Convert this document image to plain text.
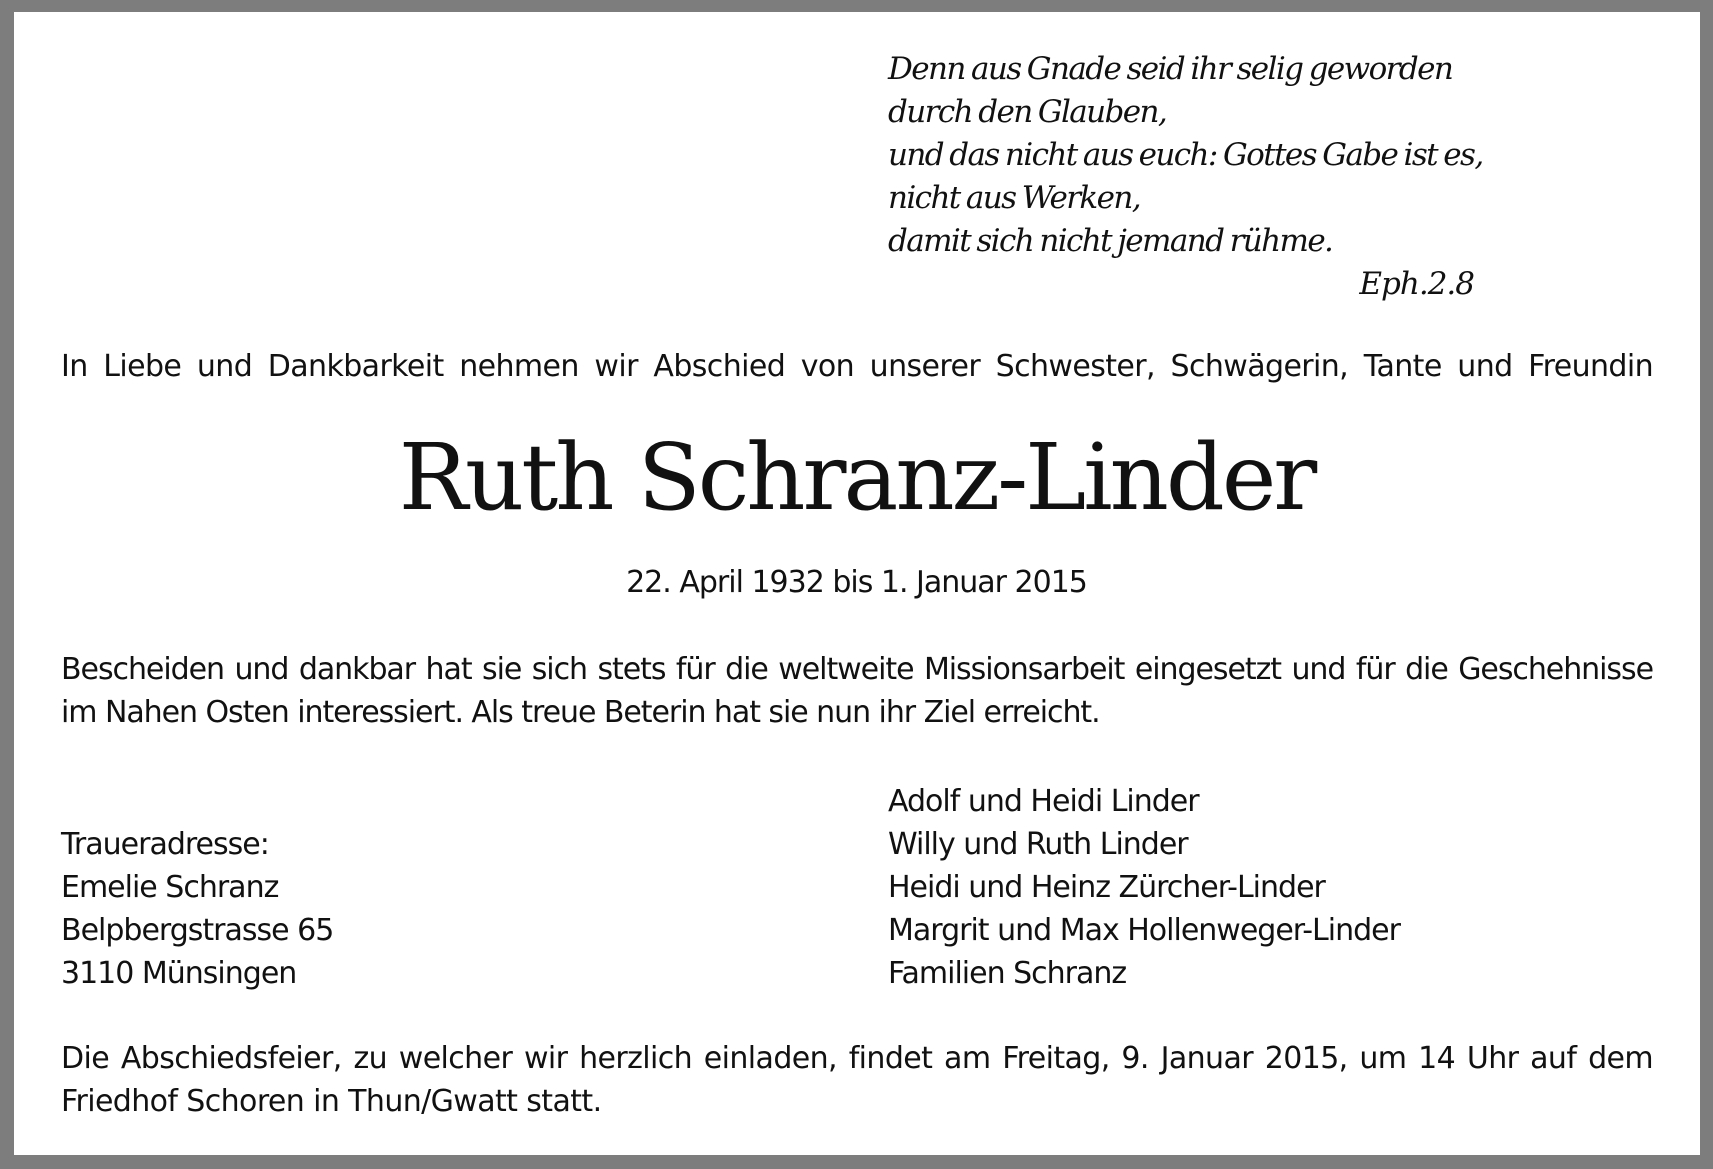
Denn aus Gnade seid ihr selig geworden
durch den Glauben,
und das nicht aus euch: Gottes Gabe ist es,
nicht aus Werken,
damit sich nicht jemand rühme.
Eph.2.8
In Liebe und Dankbarkeit nehmen wir Abschied von unserer Schwester, Schwägerin, Tante und Freundin
Ruth Schranz-Linder
22. April 1932 bis 1. Januar 2015
Bescheiden und dankbar hat sie sich stets für die weltweite Missionsarbeit eingesetzt und für die Geschehnisse
im Nahen Osten interessiert. Als treue Beterin hat sie nun ihr Ziel erreicht.
Traueradresse:
Emelie Schranz
Belpbergstrasse 65
3110 Münsingen
Adolf und Heidi Linder
Willy und Ruth Linder
Heidi und Heinz Zürcher-Linder
Margrit und Max Hollenweger-Linder
Familien Schranz
Die Abschiedsfeier, zu welcher wir herzlich einladen, findet am Freitag, 9. Januar 2015, um 14 Uhr auf dem
Friedhof Schoren in Thun/Gwatt statt.
